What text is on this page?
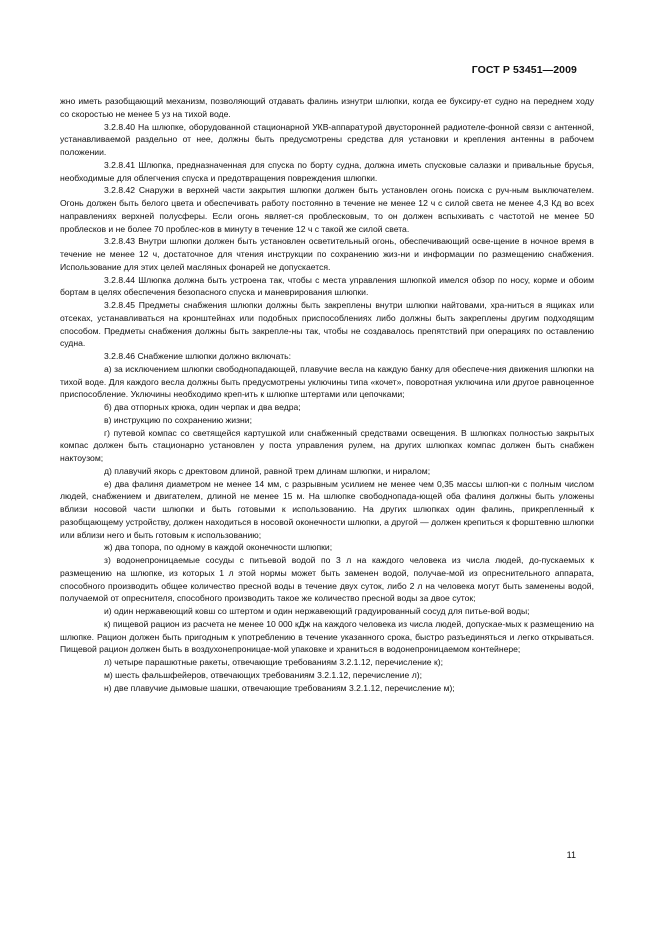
ГОСТ Р 53451—2009

жно иметь разобщающий механизм, позволяющий отдавать фалинь изнутри шлюпки, когда ее буксиру-ет судно на переднем ходу со скоростью не менее 5 уз на тихой воде.

3.2.8.40 На шлюпке, оборудованной стационарной УКВ-аппаратурой двусторонней радиотеле-фонной связи с антенной, устанавливаемой раздельно от нее, должны быть предусмотрены средства для установки и крепления антенны в рабочем положении.

3.2.8.41 Шлюпка, предназначенная для спуска по борту судна, должна иметь спусковые салазки и привальные брусья, необходимые для облегчения спуска и предотвращения повреждения шлюпки.

3.2.8.42 Снаружи в верхней части закрытия шлюпки должен быть установлен огонь поиска с руч-ным выключателем. Огонь должен быть белого цвета и обеспечивать работу постоянно в течение не менее 12 ч с силой света не менее 4,3 Кд во всех направлениях верхней полусферы. Если огонь являет-ся проблесковым, то он должен вспыхивать с частотой не менее 50 проблесков и не более 70 проблес-ков в минуту в течение 12 ч с такой же силой света.

3.2.8.43 Внутри шлюпки должен быть установлен осветительный огонь, обеспечивающий осве-щение в ночное время в течение не менее 12 ч, достаточное для чтения инструкции по сохранению жиз-ни и информации по размещению снабжения. Использование для этих целей масляных фонарей не допускается.

3.2.8.44 Шлюпка должна быть устроена так, чтобы с места управления шлюпкой имелся обзор по носу, корме и обоим бортам в целях обеспечения безопасного спуска и маневрирования шлюпки.

3.2.8.45 Предметы снабжения шлюпки должны быть закреплены внутри шлюпки найтовами, хра-ниться в ящиках или отсеках, устанавливаться на кронштейнах или подобных приспособлениях либо должны быть закреплены другим подходящим способом. Предметы снабжения должны быть закрепле-ны так, чтобы не создавалось препятствий при операциях по оставлению судна.

3.2.8.46 Снабжение шлюпки должно включать:

а) за исключением шлюпки свободнопадающей, плавучие весла на каждую банку для обеспече-ния движения шлюпки на тихой воде. Для каждого весла должны быть предусмотрены уключины типа «кочет», поворотная уключина или другое равноценное приспособление. Уключины необходимо креп-ить к шлюпке штертами или цепочками;

б) два отпорных крюка, один черпак и два ведра;

в) инструкцию по сохранению жизни;

г) путевой компас со светящейся картушкой или снабженный средствами освещения. В шлюпках полностью закрытых компас должен быть стационарно установлен у поста управления рулем, на других шлюпках компас должен быть снабжен нактоузом;

д) плавучий якорь с дректовом длиной, равной трем длинам шлюпки, и ниралом;

е) два фалиня диаметром не менее 14 мм, с разрывным усилием не менее чем 0,35 массы шлюп-ки с полным числом людей, снабжением и двигателем, длиной не менее 15 м. На шлюпке свободнопада-ющей оба фалиня должны быть уложены вблизи носовой части шлюпки и быть готовыми к использованию. На других шлюпках один фалинь, прикрепленный к разобщающему устройству, должен находиться в носовой оконечности шлюпки, а другой — должен крепиться к форштевню шлюпки или вблизи него и быть готовым к использованию;

ж) два топора, по одному в каждой оконечности шлюпки;

з) водонепроницаемые сосуды с питьевой водой по 3 л на каждого человека из числа людей, до-пускаемых к размещению на шлюпке, из которых 1 л этой нормы может быть заменен водой, получае-мой из опреснительного аппарата, способного производить общее количество пресной воды в течение двух суток, либо 2 л на человека могут быть заменены водой, получаемой от опреснителя, способного производить такое же количество пресной воды за двое суток;

и) один нержавеющий ковш со штертом и один нержавеющий градуированный сосуд для питье-вой воды;

к) пищевой рацион из расчета не менее 10 000 кДж на каждого человека из числа людей, допускае-мых к размещению на шлюпке. Рацион должен быть пригодным к употреблению в течение указанного срока, быстро разъединяться и легко открываться. Пищевой рацион должен быть в воздухонепроницае-мой упаковке и храниться в водонепроницаемом контейнере;

л) четыре парашютные ракеты, отвечающие требованиям 3.2.1.12, перечисление к);

м) шесть фальшфейеров, отвечающих требованиям 3.2.1.12, перечисление л);

н) две плавучие дымовые шашки, отвечающие требованиям 3.2.1.12, перечисление м);

11
